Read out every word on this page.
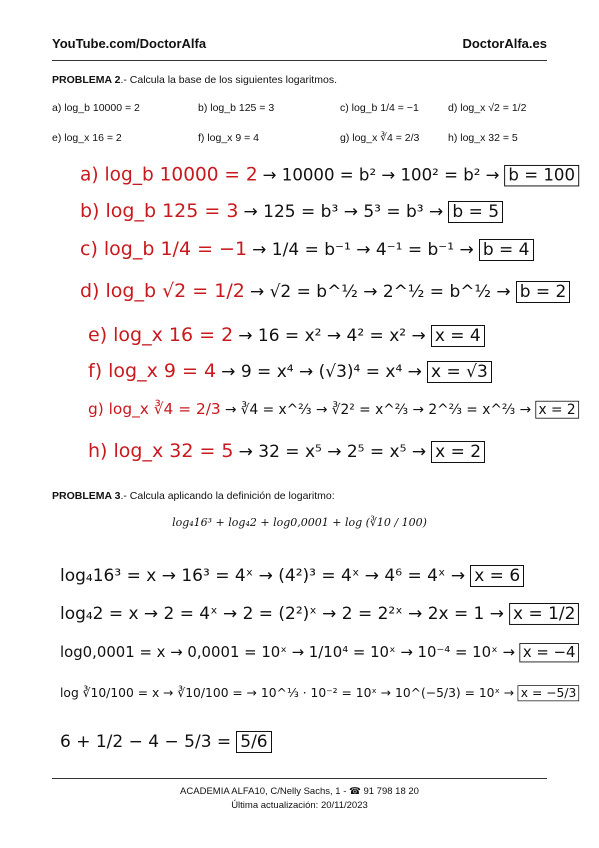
YouTube.com/DoctorAlfa	DoctorAlfa.es
PROBLEMA 2.- Calcula la base de los siguientes logaritmos.
a) log_b 10000 = 2	b) log_b 125 = 3	c) log_b 1/4 = −1	d) log_x √2 = 1/2
e) log_x 16 = 2	f) log_x 9 = 4	g) log_x ∛4 = 2/3	h) log_x 32 = 5
a) log_b 10000 = 2 → 10000 = b² → 100² = b² → b = 100
b) log_b 125 = 3 → 125 = b³ → 5³ = b³ → b = 5
c) log_b 1/4 = −1 → 1/4 = b⁻¹ → 4⁻¹ = b⁻¹ → b = 4
d) log_b √2 = 1/2 → √2 = b^½ → 2^½ = b^½ → b = 2
e) log_x 16 = 2 → 16 = x² → 4² = x² → x = 4
f) log_x 9 = 4 → 9 = x⁴ → (√3)⁴ = x⁴ → x = √3
g) log_x ∛4 = 2/3 → ∛4 = x^⅔ → ∛2² = x^⅔ → 2^⅔ = x^⅔ → x = 2
h) log_x 32 = 5 → 32 = x⁵ → 2⁵ = x⁵ → x = 2
PROBLEMA 3.- Calcula aplicando la definición de logaritmo:
log₄16³ + log₄2 + log0,0001 + log (∛10 / 100)
log₄16³ = x → 16³ = 4ˣ → (4²)³ = 4ˣ → 4⁶ = 4ˣ → x = 6
log₄2 = x → 2 = 4ˣ → 2 = (2²)ˣ → 2 = 2²ˣ → 2x = 1 → x = 1/2
log0,0001 = x → 0,0001 = 10ˣ → 1/10⁴ = 10ˣ → 10⁻⁴ = 10ˣ → x = −4
log ∛10/100 = x → ∛10/100 = → 10^⅓ · 10⁻² = 10ˣ → 10^(−5/3) = 10ˣ → x = −5/3
6 + 1/2 − 4 − 5/3 = 5/6
ACADEMIA ALFA10, C/Nelly Sachs, 1 - ☎ 91 798 18 20
Última actualización: 20/11/2023
